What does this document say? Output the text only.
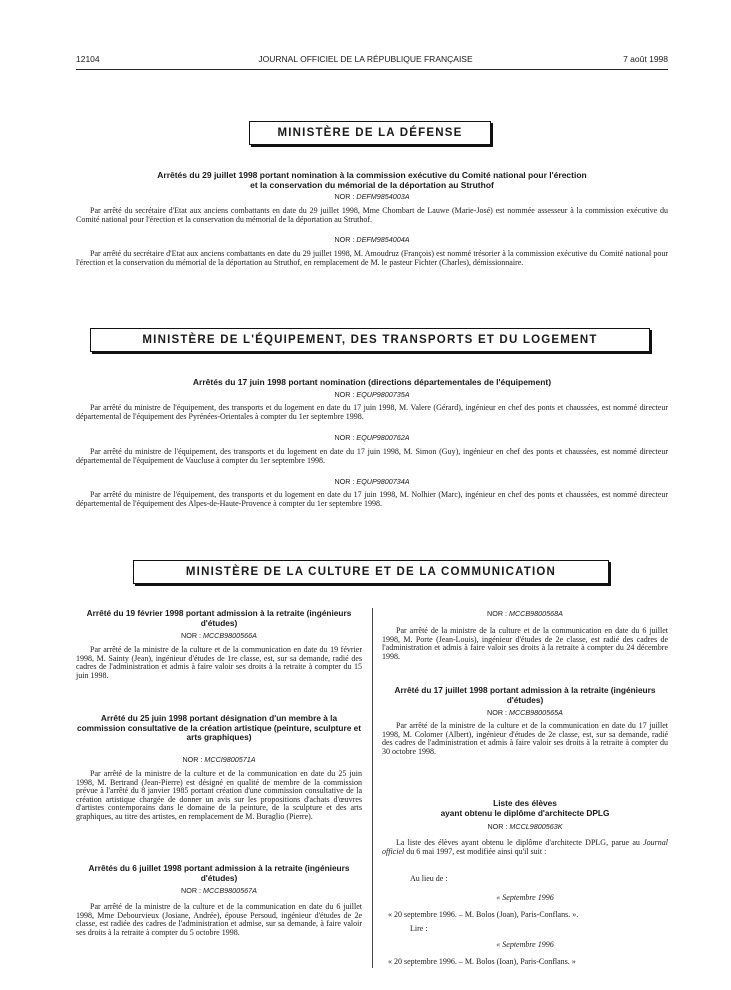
12104	JOURNAL OFFICIEL DE LA RÉPUBLIQUE FRANÇAISE	7 août 1998
MINISTÈRE DE LA DÉFENSE
Arrêtés du 29 juillet 1998 portant nomination à la commission exécutive du Comité national pour l'érection
et la conservation du mémorial de la déportation au Struthof
NOR : DEFM9854003A
Par arrêté du secrétaire d'Etat aux anciens combattants en date du 29 juillet 1998, Mme Chombart de Lauwe (Marie-José) est nommée assesseur à la commission exécutive du Comité national pour l'érection et la conservation du mémorial de la déportation au Struthof.
NOR : DEFM9854004A
Par arrêté du secrétaire d'Etat aux anciens combattants en date du 29 juillet 1998, M. Amoudruz (François) est nommé trésorier à la commission exécutive du Comité national pour l'érection et la conservation du mémorial de la déportation au Struthof, en remplacement de M. le pasteur Fichter (Charles), démissionnaire.
MINISTÈRE DE L'ÉQUIPEMENT, DES TRANSPORTS ET DU LOGEMENT
Arrêtés du 17 juin 1998 portant nomination (directions départementales de l'équipement)
NOR : EQUP9800735A
Par arrêté du ministre de l'équipement, des transports et du logement en date du 17 juin 1998, M. Valere (Gérard), ingénieur en chef des ponts et chaussées, est nommé directeur départemental de l'équipement des Pyrénées-Orientales à compter du 1er septembre 1998.
NOR : EQUP9800762A
Par arrêté du ministre de l'équipement, des transports et du logement en date du 17 juin 1998, M. Simon (Guy), ingénieur en chef des ponts et chaussées, est nommé directeur départemental de l'équipement de Vaucluse à compter du 1er septembre 1998.
NOR : EQUP9800734A
Par arrêté du ministre de l'équipement, des transports et du logement en date du 17 juin 1998, M. Nolhier (Marc), ingénieur en chef des ponts et chaussées, est nommé directeur départemental de l'équipement des Alpes-de-Haute-Provence à compter du 1er septembre 1998.
MINISTÈRE DE LA CULTURE ET DE LA COMMUNICATION
Arrêté du 19 février 1998 portant admission à la retraite (ingénieurs d'études)
NOR : MCCB9800566A
Par arrêté de la ministre de la culture et de la communication en date du 19 février 1998, M. Sainty (Jean), ingénieur d'études de 1re classe, est, sur sa demande, radié des cadres de l'administration et admis à faire valoir ses droits à la retraite à compter du 15 juin 1998.
Arrêté du 25 juin 1998 portant désignation d'un membre à la commission consultative de la création artistique (peinture, sculpture et arts graphiques)
NOR : MCCI9800571A
Par arrêté de la ministre de la culture et de la communication en date du 25 juin 1998, M. Bertrand (Jean-Pierre) est désigné en qualité de membre de la commission prévue à l'arrêté du 8 janvier 1985 portant création d'une commission consultative de la création artistique chargée de donner un avis sur les propositions d'achats d'œuvres d'artistes contemporains dans le domaine de la peinture, de la sculpture et des arts graphiques, au titre des artistes, en remplacement de M. Buraglio (Pierre).
Arrêtés du 6 juillet 1998 portant admission à la retraite (ingénieurs d'études)
NOR : MCCB9800567A
Par arrêté de la ministre de la culture et de la communication en date du 6 juillet 1998, Mme Debourvieux (Josiane, Andrée), épouse Persoud, ingénieur d'études de 2e classe, est radiée des cadres de l'administration et admise, sur sa demande, à faire valoir ses droits à la retraite à compter du 5 octobre 1998.
NOR : MCCB9800568A
Par arrêté de la ministre de la culture et de la communication en date du 6 juillet 1998, M. Porte (Jean-Louis), ingénieur d'études de 2e classe, est radié des cadres de l'administration et admis à faire valoir ses droits à la retraite à compter du 24 décembre 1998.
Arrêté du 17 juillet 1998 portant admission à la retraite (ingénieurs d'études)
NOR : MCCB9800565A
Par arrêté de la ministre de la culture et de la communication en date du 17 juillet 1998, M. Colomer (Albert), ingénieur d'études de 2e classe, est, sur sa demande, radié des cadres de l'administration et admis à faire valoir ses droits à la retraite à compter du 30 octobre 1998.
Liste des élèves
ayant obtenu le diplôme d'architecte DPLG
NOR : MCCL9800563K
La liste des élèves ayant obtenu le diplôme d'architecte DPLG, parue au Journal officiel du 6 mai 1997, est modifiée ainsi qu'il suit :
Au lieu de :
« Septembre 1996
« 20 septembre 1996. – M. Bolos (Joan), Paris-Conflans. ».
Lire :
« Septembre 1996
« 20 septembre 1996. – M. Bolos (Ioan), Paris-Conflans. »
